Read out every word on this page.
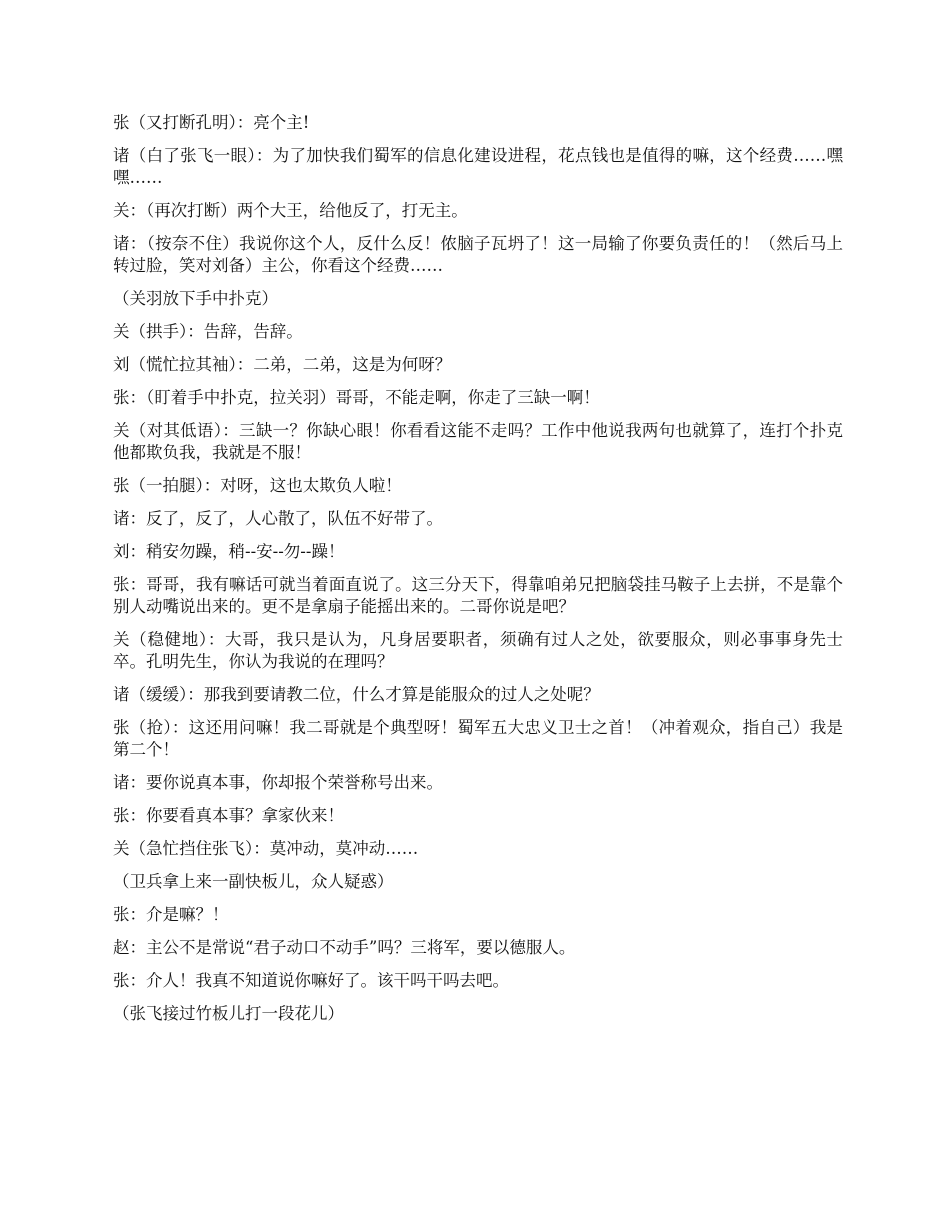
张（又打断孔明）：亮个主!

诸（白了张飞一眼）：为了加快我们蜀军的信息化建设进程，花点钱也是值得的嘛，这个经费……嘿嘿……

关：（再次打断）两个大王，给他反了，打无主。

诸：（按奈不住）我说你这个人，反什么反！侬脑子瓦坍了！这一局输了你要负责任的！（然后马上转过脸，笑对刘备）主公，你看这个经费……

（关羽放下手中扑克）

关（拱手）：告辞，告辞。

刘（慌忙拉其袖）：二弟，二弟，这是为何呀？

张：（盯着手中扑克，拉关羽）哥哥，不能走啊，你走了三缺一啊！

关（对其低语）：三缺一？你缺心眼！你看看这能不走吗？工作中他说我两句也就算了，连打个扑克他都欺负我，我就是不服！

张（一拍腿）：对呀，这也太欺负人啦！

诸：反了，反了，人心散了，队伍不好带了。

刘：稍安勿躁，稍--安--勿--躁！

张：哥哥，我有嘛话可就当着面直说了。这三分天下，得靠咱弟兄把脑袋挂马鞍子上去拼，不是靠个别人动嘴说出来的。更不是拿扇子能摇出来的。二哥你说是吧？

关（稳健地）：大哥，我只是认为，凡身居要职者，须确有过人之处，欲要服众，则必事事身先士卒。孔明先生，你认为我说的在理吗？

诸（缓缓）：那我到要请教二位，什么才算是能服众的过人之处呢？

张（抢）：这还用问嘛！我二哥就是个典型呀！蜀军五大忠义卫士之首！（冲着观众，指自己）我是第二个！

诸：要你说真本事，你却报个荣誉称号出来。

张：你要看真本事？拿家伙来！

关（急忙挡住张飞）：莫冲动，莫冲动……

（卫兵拿上来一副快板儿，众人疑惑）

张：介是嘛？！

赵：主公不是常说“君子动口不动手”吗？三将军，要以德服人。

张：介人！我真不知道说你嘛好了。该干吗干吗去吧。

（张飞接过竹板儿打一段花儿）
